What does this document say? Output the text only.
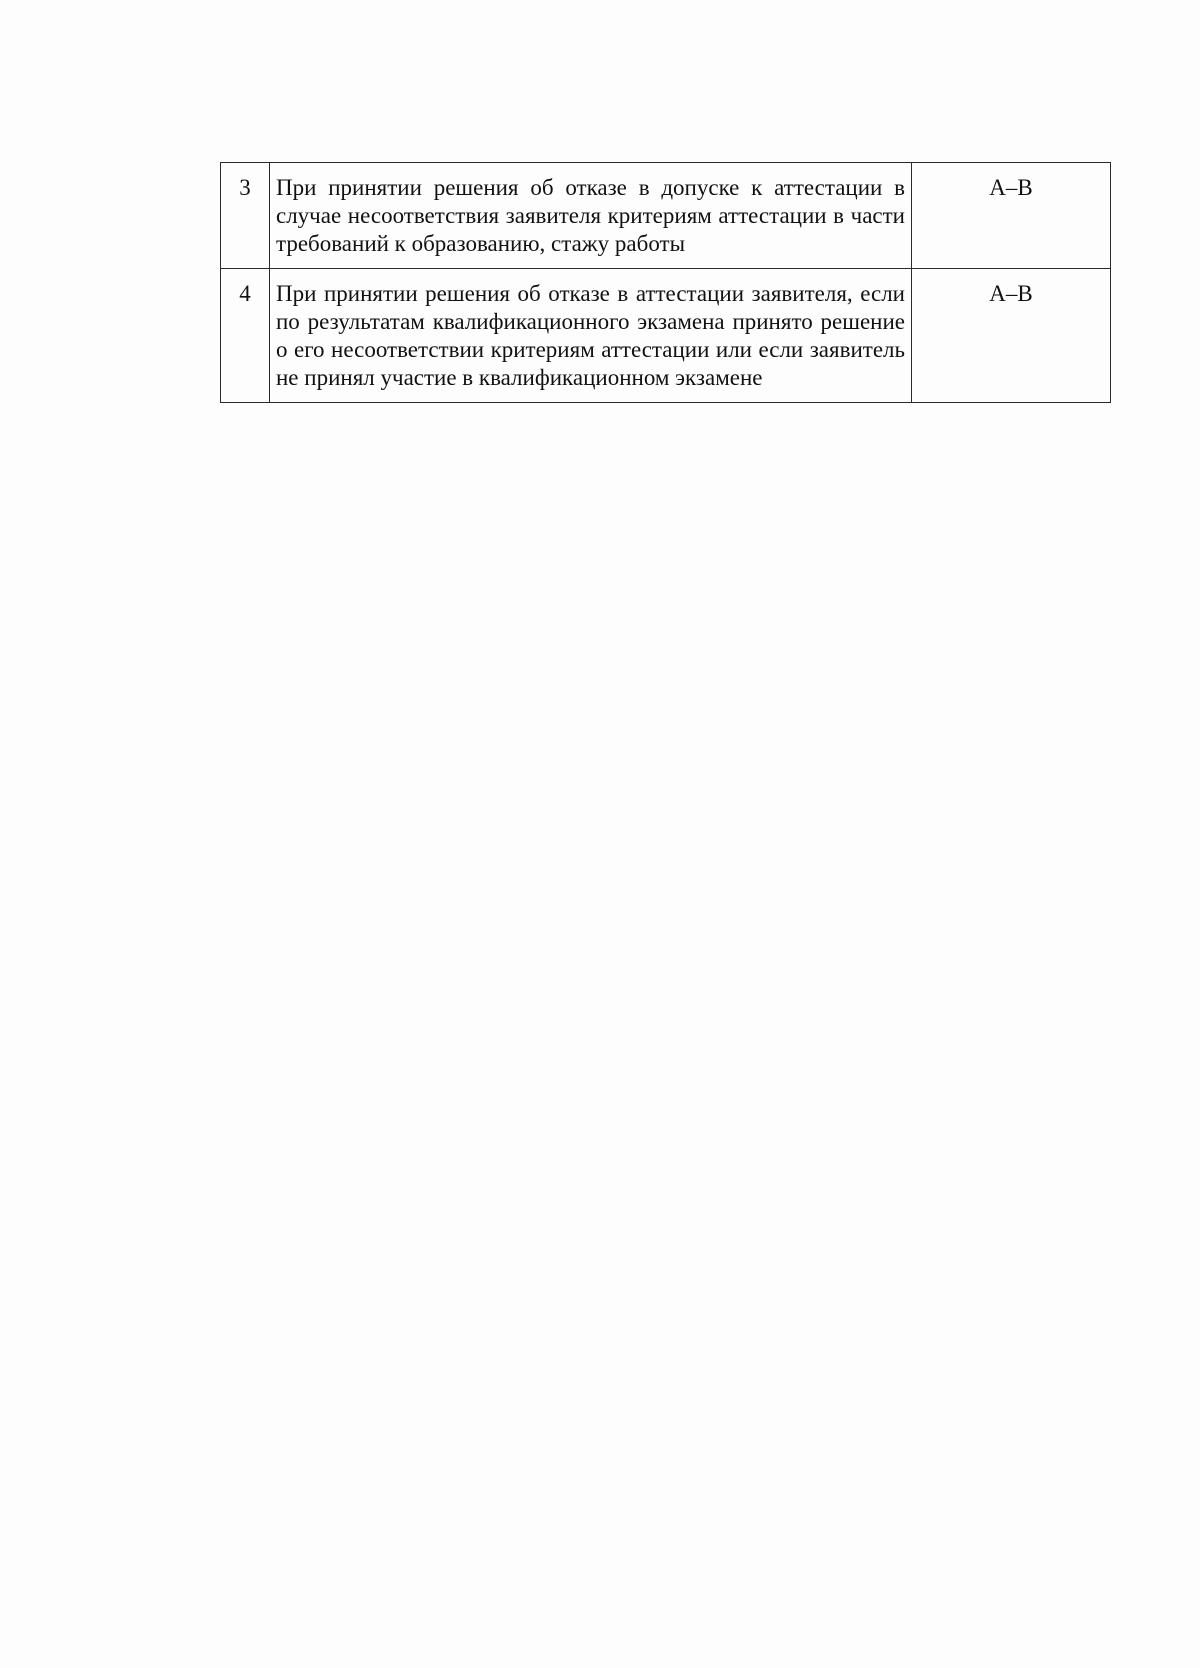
3	При принятии решения об отказе в допуске к аттестации в случае несоответствия заявителя критериям аттестации в части требований к образованию, стажу работы	А–В
4	При принятии решения об отказе в аттестации заявителя, если по результатам квалификационного экзамена принято решение о его несоответствии критериям аттестации или если заявитель не принял участие в квалификационном экзамене	А–В
